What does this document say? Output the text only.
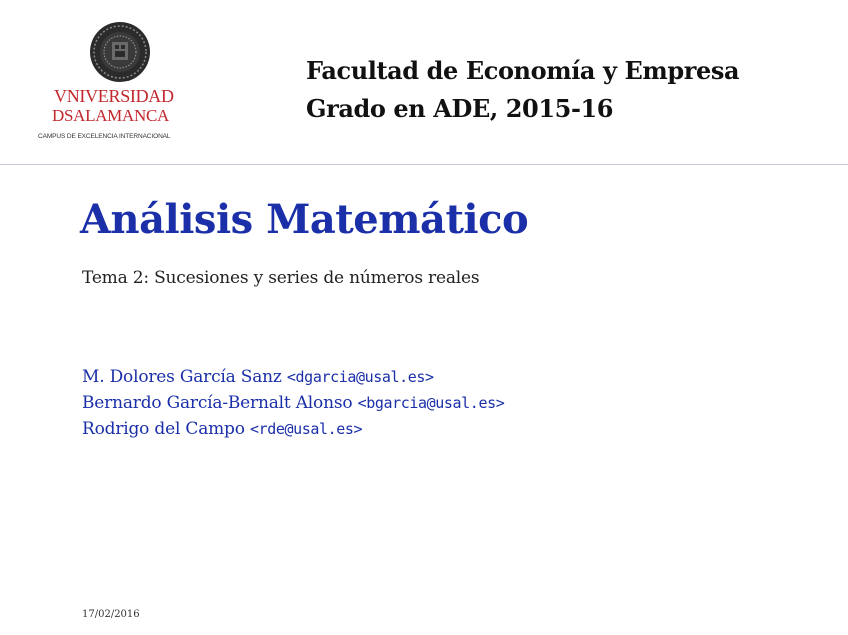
VNIVERSIDAD
DSALAMANCA
CAMPUS DE EXCELENCIA INTERNACIONAL
Facultad de Economía y Empresa
Grado en ADE, 2015-16
Análisis Matemático
Tema 2: Sucesiones y series de números reales
M. Dolores García Sanz <dgarcia@usal.es>
Bernardo García-Bernalt Alonso <bgarcia@usal.es>
Rodrigo del Campo <rde@usal.es>
17/02/2016
